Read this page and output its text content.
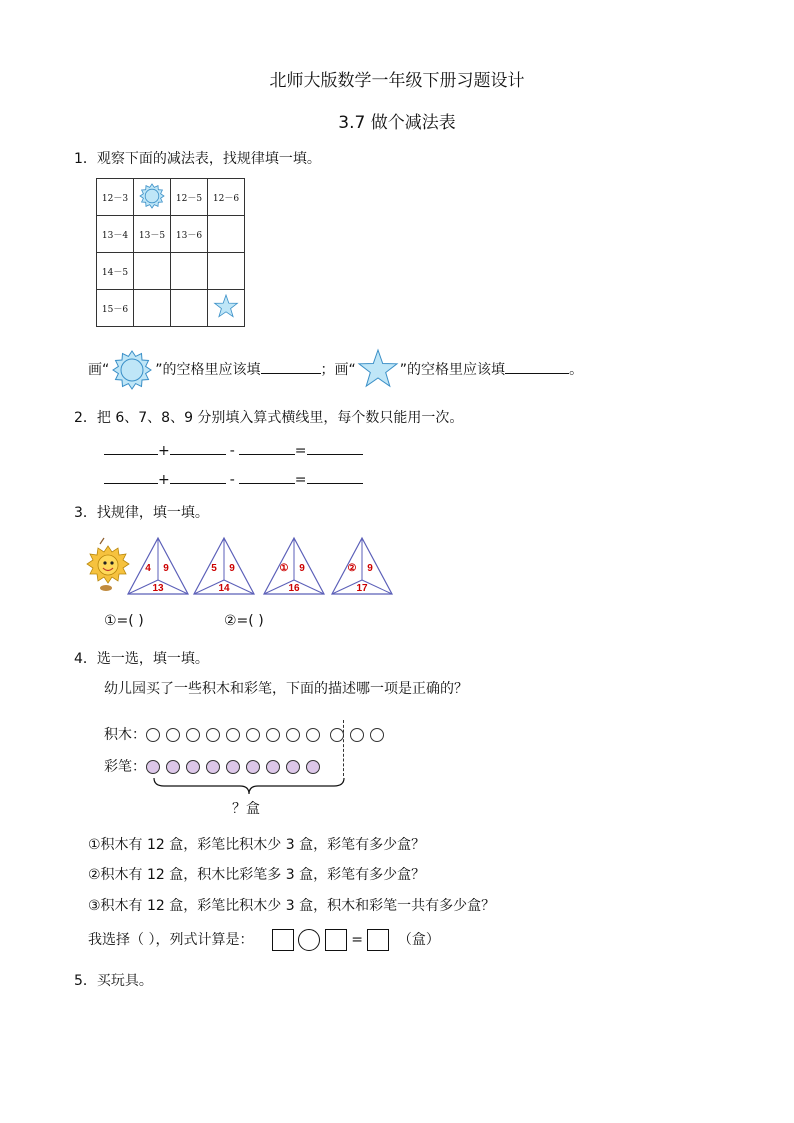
北师大版数学一年级下册习题设计
3.7 做个减法表
1．观察下面的减法表，找规律填一填。
12－3		12－5	12－6
13－4	13－5	13－6	
14－5			
15－6			
画“	”的空格里应该填	；画“	”的空格里应该填	。
2．把 6、7、8、9 分别填入算式横线里，每个数只能用一次。
+	-	=
+	-	=
3．找规律，填一填。
4 9
13
5 9
14
① 9
16
② 9
17
①=( )	②=( )
4．选一选，填一填。
幼儿园买了一些积木和彩笔，下面的描述哪一项是正确的？
积木：
彩笔：
？盒
①积木有 12 盒，彩笔比积木少 3 盒，彩笔有多少盒？
②积木有 12 盒，积木比彩笔多 3 盒，彩笔有多少盒？
③积木有 12 盒，彩笔比积木少 3 盒，积木和彩笔一共有多少盒？
我选择（ ），列式计算是：	= （盒）
5．买玩具。
